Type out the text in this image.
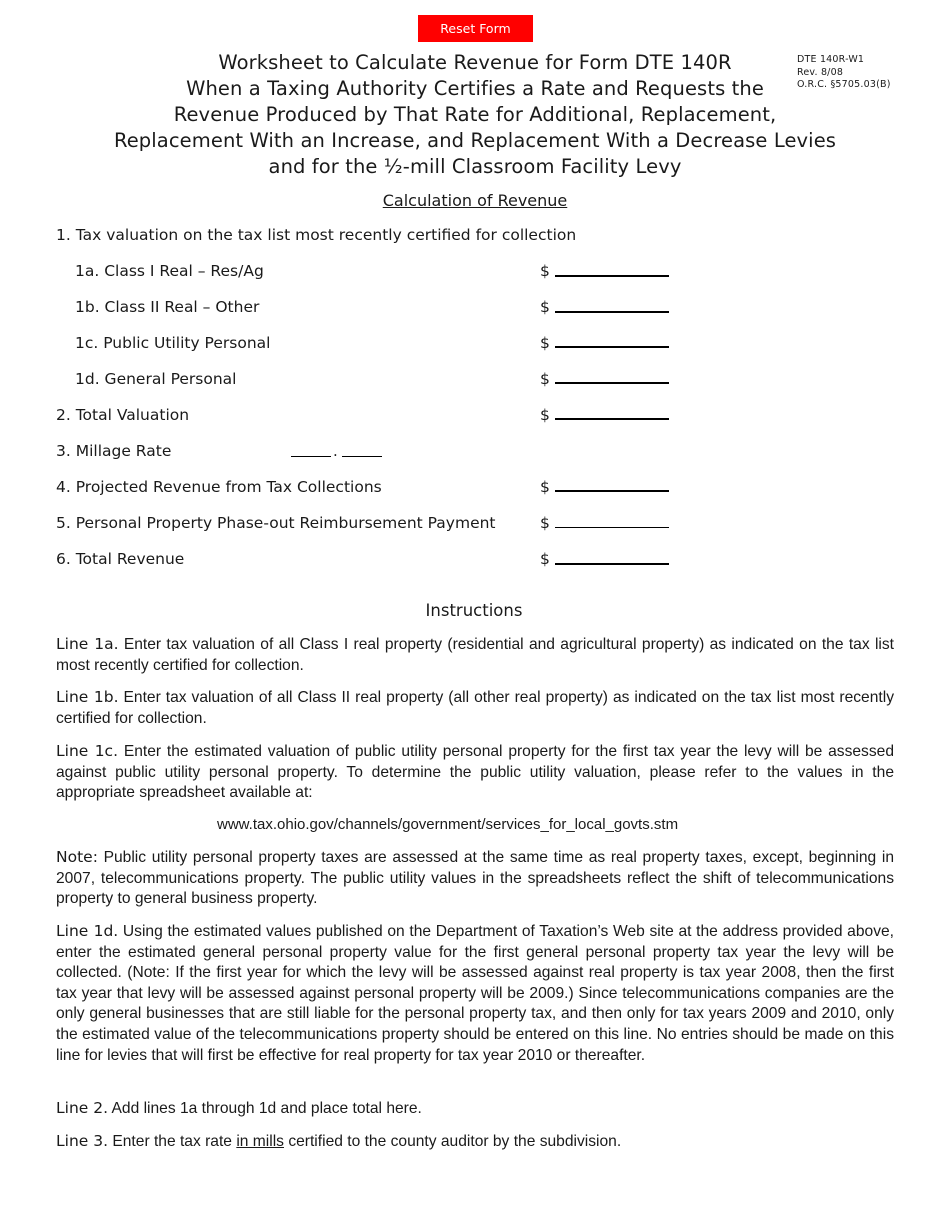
Reset Form
DTE 140R-W1
Rev. 8/08
O.R.C. §5705.03(B)
Worksheet to Calculate Revenue for Form DTE 140R
When a Taxing Authority Certifies a Rate and Requests the
Revenue Produced by That Rate for Additional, Replacement,
Replacement With an Increase, and Replacement With a Decrease Levies
and for the ½-mill Classroom Facility Levy
Calculation of Revenue
1. Tax valuation on the tax list most recently certified for collection
1a. Class I Real – Res/Ag	$
1b. Class II Real – Other	$
1c. Public Utility Personal	$
1d. General Personal	$
2. Total Valuation	$
3. Millage Rate	.
4. Projected Revenue from Tax Collections	$
5. Personal Property Phase-out Reimbursement Payment	$
6. Total Revenue	$
Instructions

Line 1a. Enter tax valuation of all Class I real property (residential and agricultural property) as indicated on the tax list most recently certified for collection.

Line 1b. Enter tax valuation of all Class II real property (all other real property) as indicated on the tax list most recently certified for collection.

Line 1c. Enter the estimated valuation of public utility personal property for the first tax year the levy will be assessed against public utility personal property. To determine the public utility valuation, please refer to the values in the appropriate spreadsheet available at:

www.tax.ohio.gov/channels/government/services_for_local_govts.stm

Note: Public utility personal property taxes are assessed at the same time as real property taxes, except, beginning in 2007, telecommunications property. The public utility values in the spreadsheets reflect the shift of telecommunications property to general business property.

Line 1d. Using the estimated values published on the Department of Taxation’s Web site at the address provided above, enter the estimated general personal property value for the first general personal property tax year the levy will be collected. (Note: If the first year for which the levy will be assessed against real property is tax year 2008, then the first tax year that levy will be assessed against personal property will be 2009.) Since telecommunications companies are the only general businesses that are still liable for the personal property tax, and then only for tax years 2009 and 2010, only the estimated value of the telecommunications property should be entered on this line. No entries should be made on this line for levies that will first be effective for real property for tax year 2010 or thereafter.

Line 2. Add lines 1a through 1d and place total here.

Line 3. Enter the tax rate in mills certified to the county auditor by the subdivision.
